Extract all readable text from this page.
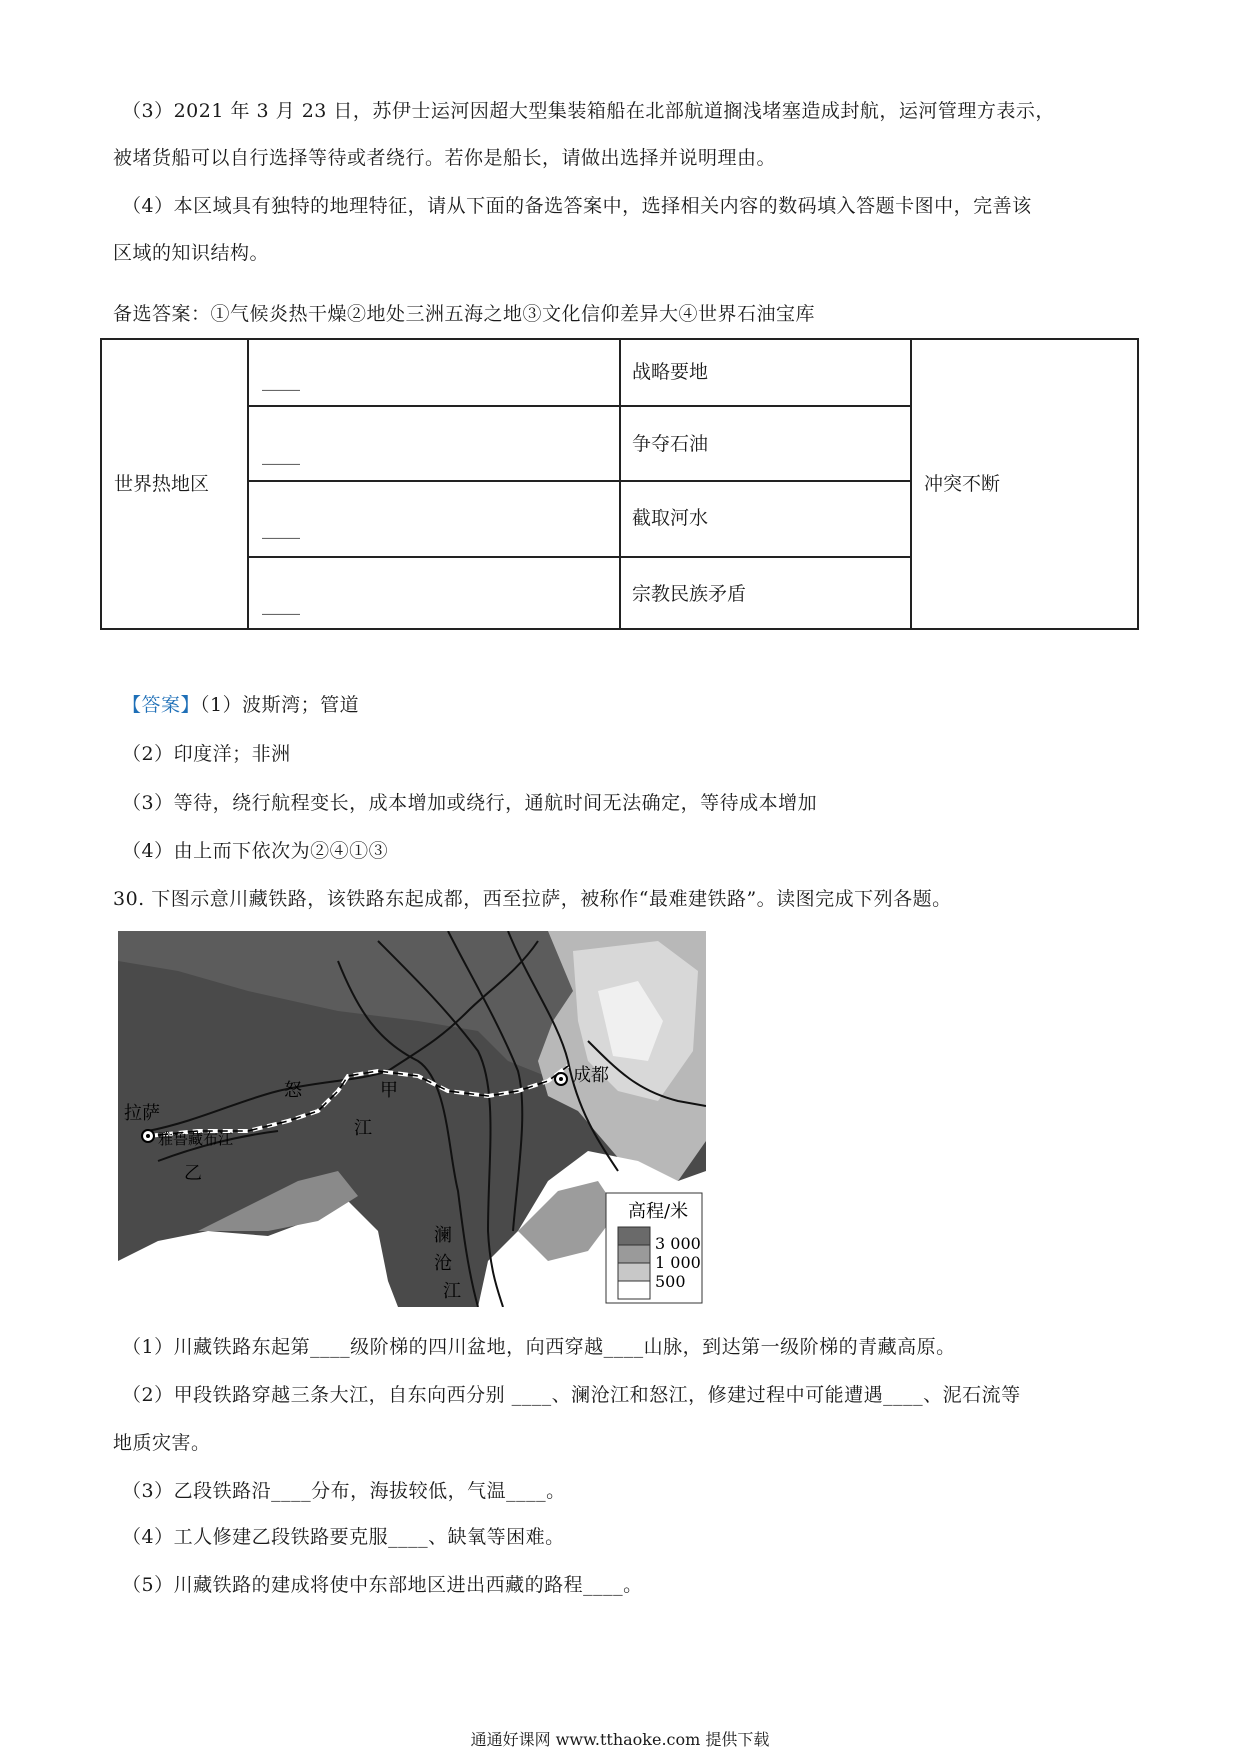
（3）2021 年 3 月 23 日，苏伊士运河因超大型集装箱船在北部航道搁浅堵塞造成封航，运河管理方表示，
被堵货船可以自行选择等待或者绕行。若你是船长，请做出选择并说明理由。
（4）本区域具有独特的地理特征，请从下面的备选答案中，选择相关内容的数码填入答题卡图中，完善该
区域的知识结构。
备选答案：①气候炎热干燥②地处三洲五海之地③文化信仰差异大④世界石油宝库
世界热地区
____
____
____
____
战略要地
争夺石油
截取河水
宗教民族矛盾
冲突不断
【答案】（1）波斯湾；管道
（2）印度洋；非洲
（3）等待，绕行航程变长，成本增加或绕行，通航时间无法确定，等待成本增加
（4）由上而下依次为②④①③
30. 下图示意川藏铁路，该铁路东起成都，西至拉萨，被称作“最难建铁路”。读图完成下列各题。
拉萨
雅鲁藏布江
成都
怒
江
甲
乙
澜
沧
江
高程/米
3 000
1 000
500
（1）川藏铁路东起第____级阶梯的四川盆地，向西穿越____山脉，到达第一级阶梯的青藏高原。
（2）甲段铁路穿越三条大江，自东向西分别 ____、澜沧江和怒江，修建过程中可能遭遇____、泥石流等
地质灾害。
（3）乙段铁路沿____分布，海拔较低，气温____。
（4）工人修建乙段铁路要克服____、缺氧等困难。
（5）川藏铁路的建成将使中东部地区进出西藏的路程____。
通通好课网 www.tthaoke.com 提供下载
